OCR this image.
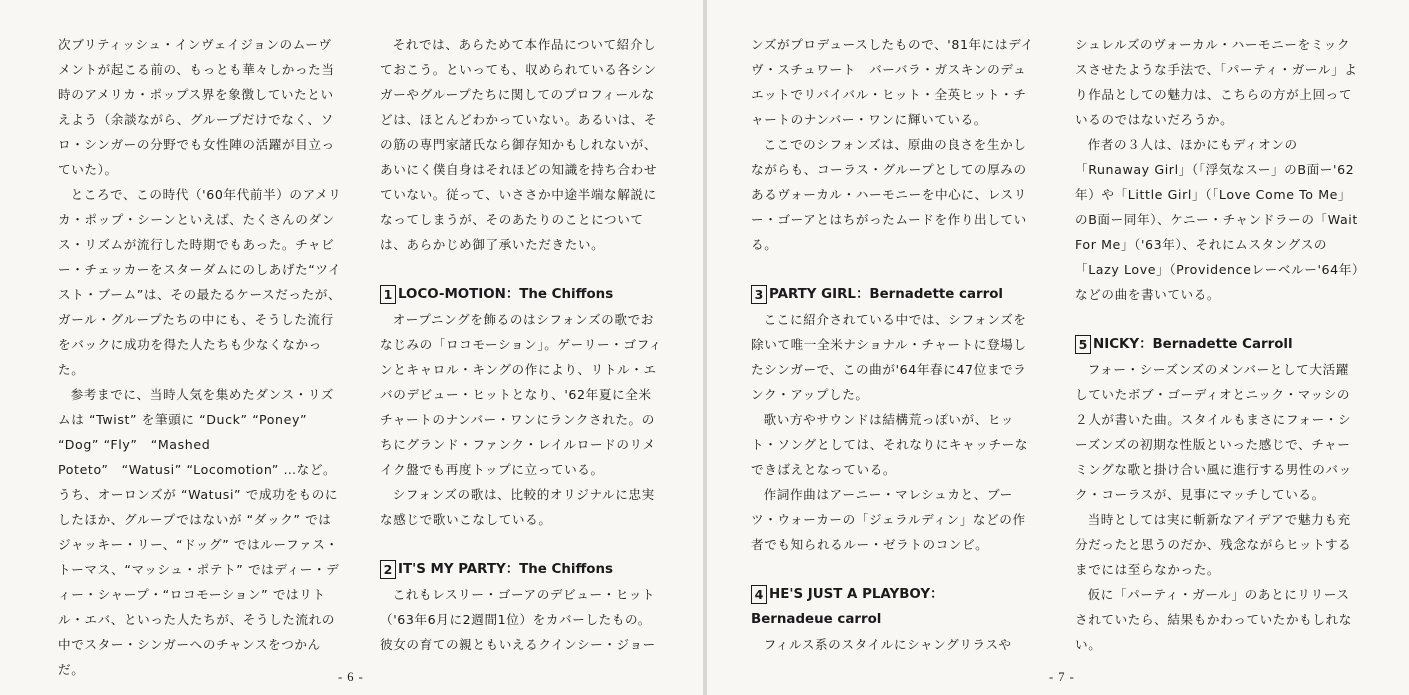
次ブリティッシュ・インヴェイジョンのムーヴメントが起こる前の、もっとも華々しかった当時のアメリカ・ポップス界を象徴していたといえよう（余談ながら、グループだけでなく、ソロ・シンガーの分野でも女性陣の活躍が目立っていた）。

ところで、この時代（'60年代前半）のアメリカ・ポップ・シーンといえば、たくさんのダンス・リズムが流行した時期でもあった。チャビー・チェッカーをスターダムにのしあげた“ツイスト・ブーム”は、その最たるケースだったが、ガール・グループたちの中にも、そうした流行をバックに成功を得た人たちも少なくなかった。

参考までに、当時人気を集めたダンス・リズムは “Twist” を筆頭に “Duck” “Poney” “Dog” “Fly”　“Mashed　Poteto”　“Watusi” “Locomotion” …など。うち、オーロンズが “Watusi” で成功をものにしたほか、グループではないが “ダック” ではジャッキー・リー、“ドッグ” ではルーファス・トーマス、“マッシュ・ポテト” ではディー・ディー・シャープ・“ロコモーション” ではリトル・エバ、といった人たちが、そうした流れの中でスター・シンガーへのチャンスをつかんだ。

それでは、あらためて本作品について紹介しておこう。といっても、収められている各シンガーやグループたちに関してのプロフィールなどは、ほとんどわかっていない。あるいは、その筋の専門家諸氏なら御存知かもしれないが、あいにく僕自身はそれほどの知識を持ち合わせていない。従って、いささか中途半端な解説になってしまうが、そのあたりのことについては、あらかじめ御了承いただきたい。

1 LOCO-MOTION：The Chiffons

オープニングを飾るのはシフォンズの歌でおなじみの「ロコモーション」。ゲーリー・ゴフィンとキャロル・キングの作により、リトル・エバのデビュー・ヒットとなり、'62年夏に全米チャートのナンバー・ワンにランクされた。のちにグランド・ファンク・レイルロードのリメイク盤でも再度トップに立っている。

シフォンズの歌は、比較的オリジナルに忠実な感じで歌いこなしている。

2 IT'S MY PARTY：The Chiffons

これもレスリー・ゴーアのデビュー・ヒット（'63年6月に2週間1位）をカバーしたもの。彼女の育ての親ともいえるクインシー・ジョー

- 6 -

ンズがプロデュースしたもので、'81年にはデイヴ・スチュワート　バーバラ・ガスキンのデュエットでリバイバル・ヒット・全英ヒット・チャートのナンバー・ワンに輝いている。

ここでのシフォンズは、原曲の良さを生かしながらも、コーラス・グループとしての厚みのあるヴォーカル・ハーモニーを中心に、レスリー・ゴーアとはちがったムードを作り出している。

3 PARTY GIRL：Bernadette carrol

ここに紹介されている中では、シフォンズを除いて唯一全米ナショナル・チャートに登場したシンガーで、この曲が'64年春に47位までランク・アップした。

歌い方やサウンドは結構荒っぽいが、ヒット・ソングとしては、それなりにキャッチーなできばえとなっている。

作詞作曲はアーニー・マレシュカと、ブーツ・ウォーカーの「ジェラルディン」などの作者でも知られるルー・ゼラトのコンビ。

4 HE'S JUST A PLAYBOY：
Bernadeue carrol

フィルス系のスタイルにシャングリラスや

シュレルズのヴォーカル・ハーモニーをミックスさせたような手法で、「パーティ・ガール」より作品としての魅力は、こちらの方が上回っているのではないだろうか。

作者の３人は、ほかにもディオンの「Runaway Girl」（「浮気なスー」のB面ー'62年）や「Little Girl」（「Love Come To Me」のB面ー同年）、ケニー・チャンドラーの「Wait For Me」（'63年）、それにムスタングスの「Lazy Love」（Providenceレーベルー'64年）などの曲を書いている。

5 NICKY：Bernadette Carroll

フォー・シーズンズのメンバーとして大活躍していたボブ・ゴーディオとニック・マッシの２人が書いた曲。スタイルもまさにフォー・シーズンズの初期な性版といった感じで、チャーミングな歌と掛け合い風に進行する男性のバック・コーラスが、見事にマッチしている。

当時としては実に斬新なアイデアで魅力も充分だったと思うのだか、残念ながらヒットするまでには至らなかった。

仮に「パーティ・ガール」のあとにリリースされていたら、結果もかわっていたかもしれない。

- 7 -
